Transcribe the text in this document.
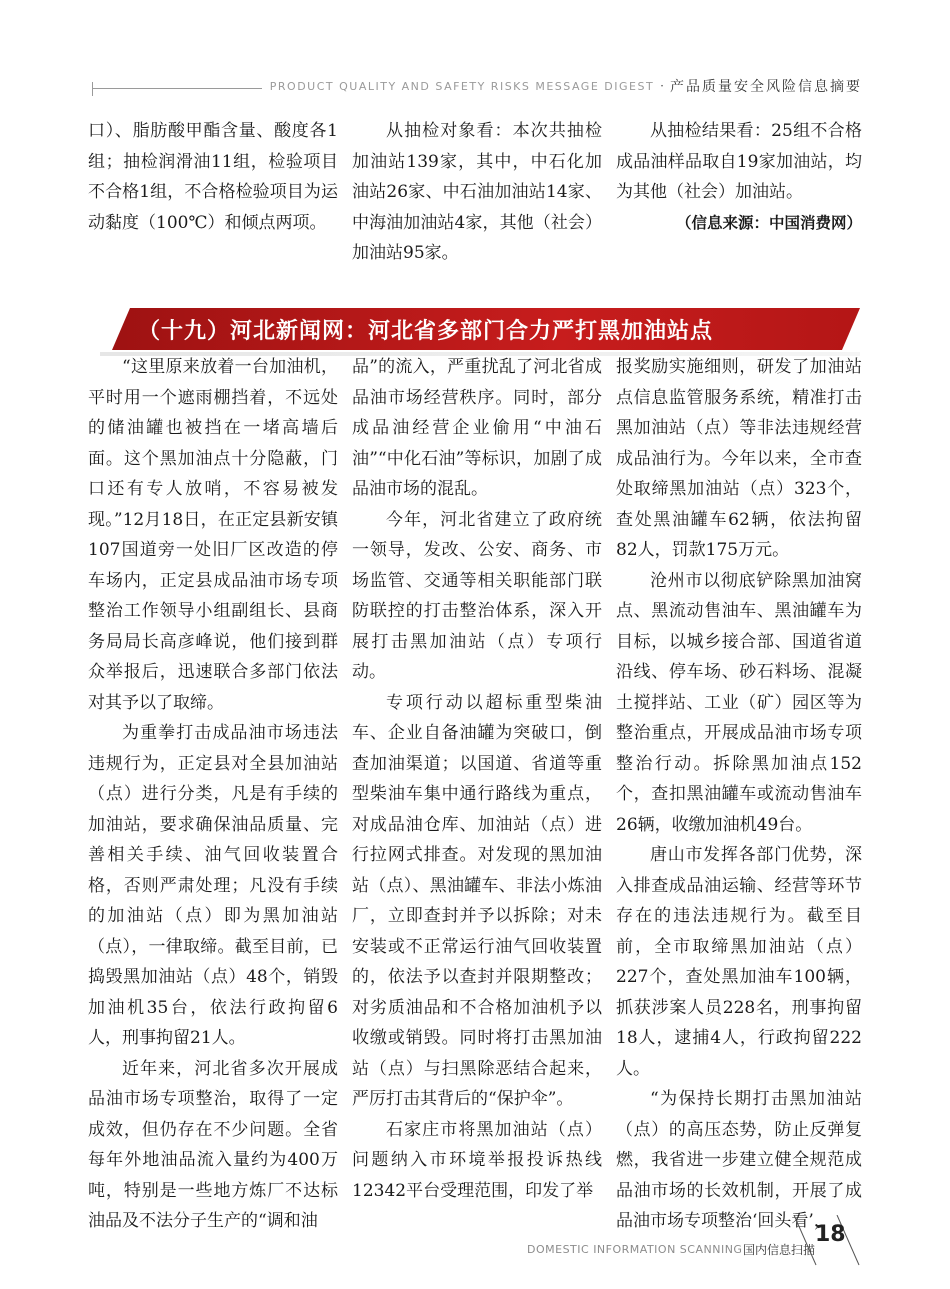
PRODUCT QUALITY AND SAFETY RISKS MESSAGE DIGEST · 产品质量安全风险信息摘要

口）、脂肪酸甲酯含量、酸度各1组；抽检润滑油11组，检验项目不合格1组，不合格检验项目为运动黏度（100℃）和倾点两项。

从抽检对象看：本次共抽检加油站139家，其中，中石化加油站26家、中石油加油站14家、中海油加油站4家，其他（社会）加油站95家。

从抽检结果看：25组不合格成品油样品取自19家加油站，均为其他（社会）加油站。

（信息来源：中国消费网）
（十九）河北新闻网：河北省多部门合力严打黑加油站点

“这里原来放着一台加油机，平时用一个遮雨棚挡着，不远处的储油罐也被挡在一堵高墙后面。这个黑加油点十分隐蔽，门口还有专人放哨，不容易被发现。”12月18日，在正定县新安镇107国道旁一处旧厂区改造的停车场内，正定县成品油市场专项整治工作领导小组副组长、县商务局局长高彦峰说，他们接到群众举报后，迅速联合多部门依法对其予以了取缔。

为重拳打击成品油市场违法违规行为，正定县对全县加油站（点）进行分类，凡是有手续的加油站，要求确保油品质量、完善相关手续、油气回收装置合格，否则严肃处理；凡没有手续的加油站（点）即为黑加油站（点），一律取缔。截至目前，已捣毁黑加油站（点）48个，销毁加油机35台，依法行政拘留6人，刑事拘留21人。

近年来，河北省多次开展成品油市场专项整治，取得了一定成效，但仍存在不少问题。全省每年外地油品流入量约为400万吨，特别是一些地方炼厂不达标油品及不法分子生产的“调和油

品”的流入，严重扰乱了河北省成品油市场经营秩序。同时，部分成品油经营企业偷用“中油石油”“中化石油”等标识，加剧了成品油市场的混乱。

今年，河北省建立了政府统一领导，发改、公安、商务、市场监管、交通等相关职能部门联防联控的打击整治体系，深入开展打击黑加油站（点）专项行动。

专项行动以超标重型柴油车、企业自备油罐为突破口，倒查加油渠道；以国道、省道等重型柴油车集中通行路线为重点，对成品油仓库、加油站（点）进行拉网式排查。对发现的黑加油站（点）、黑油罐车、非法小炼油厂，立即查封并予以拆除；对未安装或不正常运行油气回收装置的，依法予以查封并限期整改；对劣质油品和不合格加油机予以收缴或销毁。同时将打击黑加油站（点）与扫黑除恶结合起来，严厉打击其背后的“保护伞”。

石家庄市将黑加油站（点）问题纳入市环境举报投诉热线12342平台受理范围，印发了举

报奖励实施细则，研发了加油站点信息监管服务系统，精准打击黑加油站（点）等非法违规经营成品油行为。今年以来，全市查处取缔黑加油站（点）323个，查处黑油罐车62辆，依法拘留82人，罚款175万元。

沧州市以彻底铲除黑加油窝点、黑流动售油车、黑油罐车为目标，以城乡接合部、国道省道沿线、停车场、砂石料场、混凝土搅拌站、工业（矿）园区等为整治重点，开展成品油市场专项整治行动。拆除黑加油点152个，查扣黑油罐车或流动售油车26辆，收缴加油机49台。

唐山市发挥各部门优势，深入排查成品油运输、经营等环节存在的违法违规行为。截至目前，全市取缔黑加油站（点）227个，查处黑加油车100辆，抓获涉案人员228名，刑事拘留18人，逮捕4人，行政拘留222人。

“为保持长期打击黑加油站（点）的高压态势，防止反弹复燃，我省进一步建立健全规范成品油市场的长效机制，开展了成品油市场专项整治‘回头看’，

DOMESTIC INFORMATION SCANNING 国内信息扫描
18
